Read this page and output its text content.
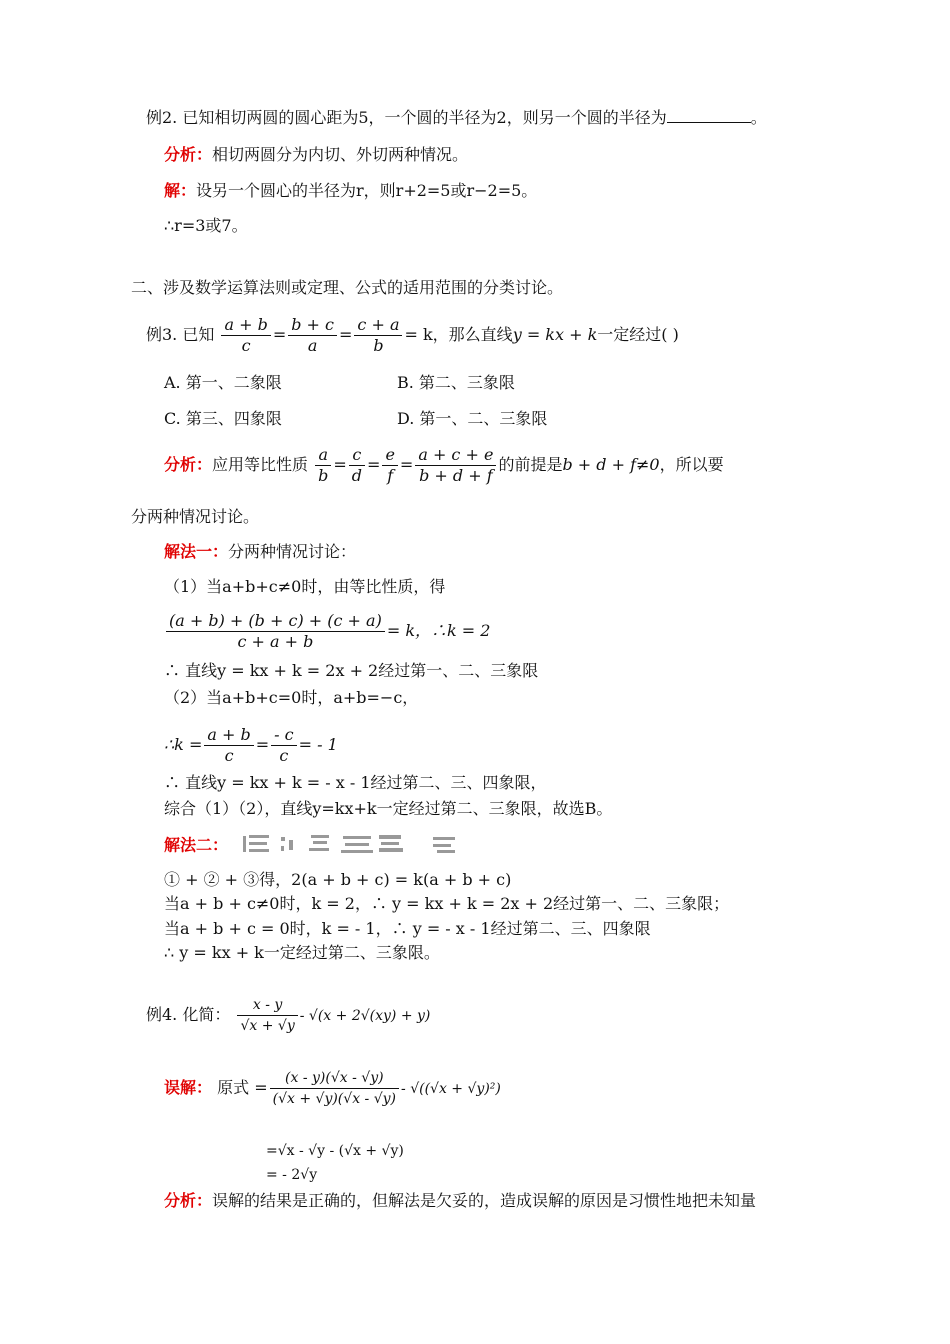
例2. 已知相切两圆的圆心距为5，一个圆的半径为2，则另一个圆的半径为	。
分析：相切两圆分为内切、外切两种情况。
解：设另一个圆心的半径为r，则r+2=5或r−2=5。
∴r=3或7。
二、涉及数学运算法则或定理、公式的适用范围的分类讨论。
例3. 已知 $\frac{a + b}{c} = \frac{b + c}{a} = \frac{c + a}{b} = k$，那么直线y = kx + k一定经过( )
A. 第一、二象限	B. 第二、三象限
C. 第三、四象限	D. 第一、二、三象限
分析：应用等比性质 $\frac{a}{b} = \frac{c}{d} = \frac{e}{f} = \frac{a + c + e}{b + d + f}$ 的前提是b + d + f≠0，所以要
分两种情况讨论。
解法一：分两种情况讨论：
（1）当a+b+c≠0时，由等比性质，得
$\frac{(a + b) + (b + c) + (c + a)}{c + a + b} = k$，∴k = 2
∴ 直线y = kx + k = 2x + 2经过第一、二、三象限
（2）当a+b+c=0时，a+b=−c，
∴k = $\frac{a + b}{c} = \frac{- c}{c}$ = - 1
∴ 直线y = kx + k = - x - 1经过第二、三、四象限，
综合（1）（2），直线y=kx+k一定经过第二、三象限，故选B。
解法二：
① + ② + ③得，2(a + b + c) = k(a + b + c)
当a + b + c≠0时，k = 2，∴ y = kx + k = 2x + 2经过第一、二、三象限；
当a + b + c = 0时，k = - 1，∴ y = - x - 1经过第二、三、四象限
∴ y = kx + k一定经过第二、三象限。
例4. 化简： $\frac{x - y}{√x + √y} - √(x + 2√(xy) + y)$
误解： 原式 = $\frac{(x - y)(√x - √y)}{(√x + √y)(√x - √y)} - √((√x + √y)^2)$
=√x - √y - (√x + √y)
= - 2√y
分析：误解的结果是正确的，但解法是欠妥的，造成误解的原因是习惯性地把未知量
